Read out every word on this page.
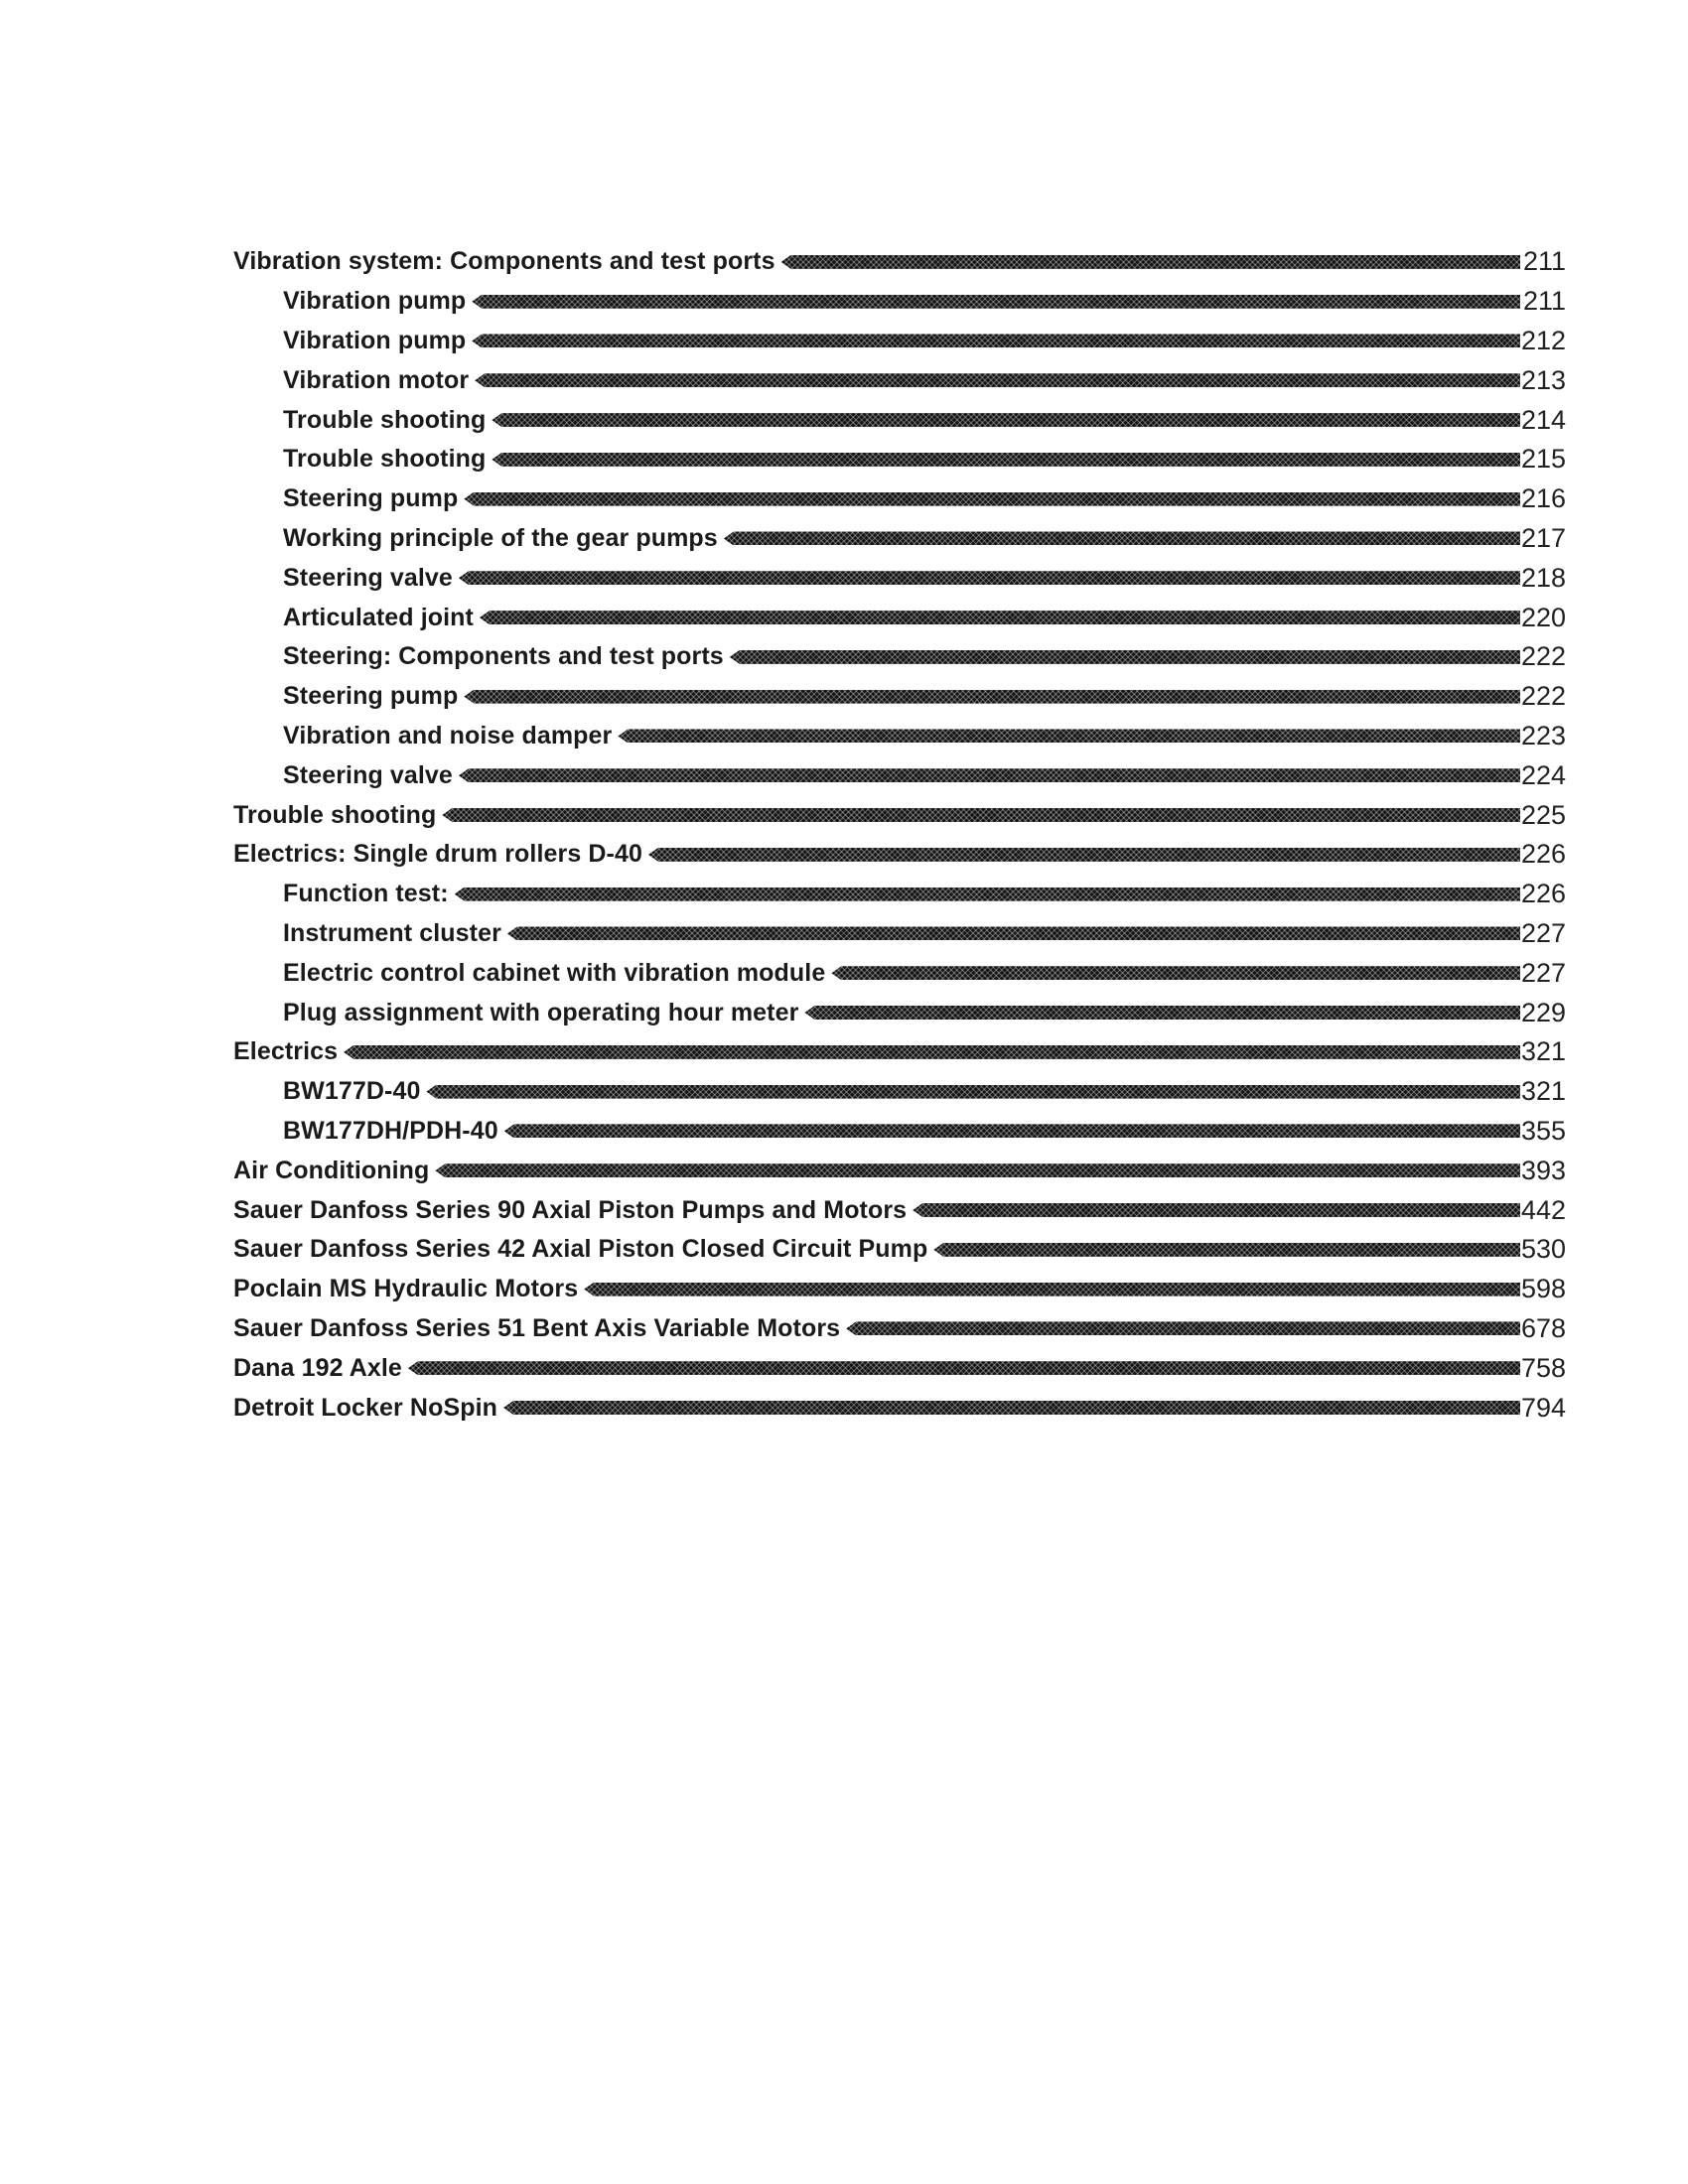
Vibration system: Components and test ports	211
Vibration pump	211
Vibration pump	212
Vibration motor	213
Trouble shooting	214
Trouble shooting	215
Steering pump	216
Working principle of the gear pumps	217
Steering valve	218
Articulated joint	220
Steering: Components and test ports	222
Steering pump	222
Vibration and noise damper	223
Steering valve	224
Trouble shooting	225
Electrics: Single drum rollers D-40	226
Function test:	226
Instrument cluster	227
Electric control cabinet with vibration module	227
Plug assignment with operating hour meter	229
Electrics	321
BW177D-40	321
BW177DH/PDH-40	355
Air Conditioning	393
Sauer Danfoss Series 90 Axial Piston Pumps and Motors	442
Sauer Danfoss Series 42 Axial Piston Closed Circuit Pump	530
Poclain MS Hydraulic Motors	598
Sauer Danfoss Series 51 Bent Axis Variable Motors	678
Dana 192 Axle	758
Detroit Locker NoSpin	794
